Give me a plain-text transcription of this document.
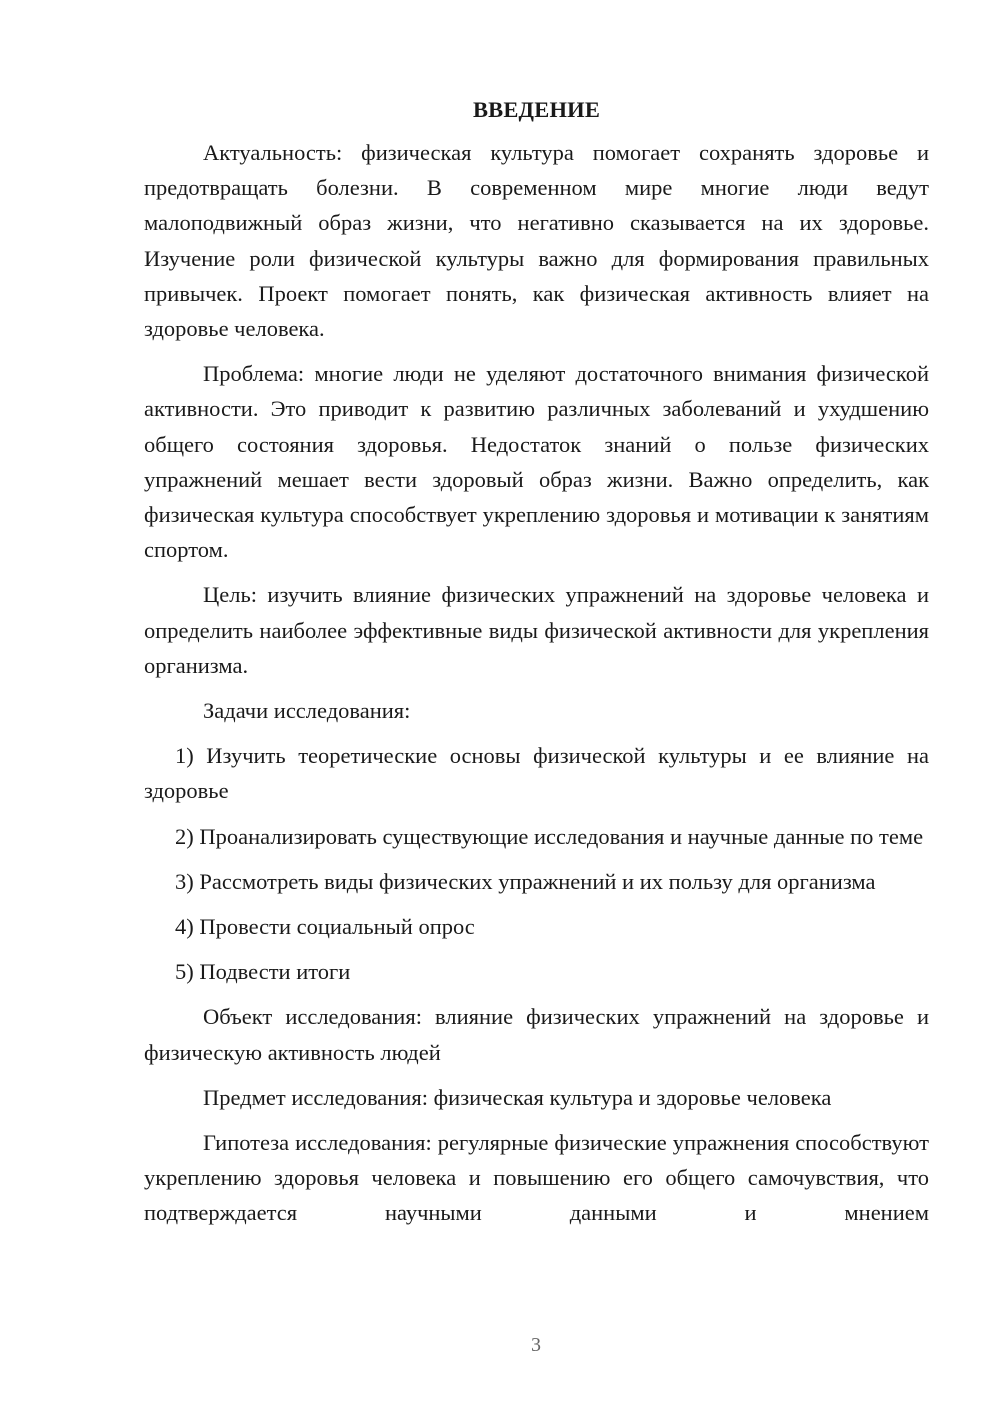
ВВЕДЕНИЕ

Актуальность: физическая культура помогает сохранять здоровье и предотвращать болезни. В современном мире многие люди ведут малоподвижный образ жизни, что негативно сказывается на их здоровье. Изучение роли физической культуры важно для формирования правильных привычек. Проект помогает понять, как физическая активность влияет на здоровье человека.

Проблема: многие люди не уделяют достаточного внимания физической активности. Это приводит к развитию различных заболеваний и ухудшению общего состояния здоровья. Недостаток знаний о пользе физических упражнений мешает вести здоровый образ жизни. Важно определить, как физическая культура способствует укреплению здоровья и мотивации к занятиям спортом.

Цель: изучить влияние физических упражнений на здоровье человека и определить наиболее эффективные виды физической активности для укрепления организма.

Задачи исследования:

1) Изучить теоретические основы физической культуры и ее влияние на здоровье

2) Проанализировать существующие исследования и научные данные по теме

3) Рассмотреть виды физических упражнений и их пользу для организма

4) Провести социальный опрос

5) Подвести итоги

Объект исследования: влияние физических упражнений на здоровье и физическую активность людей

Предмет исследования: физическая культура и здоровье человека

Гипотеза исследования: регулярные физические упражнения способствуют укреплению здоровья человека и повышению его общего самочувствия, что подтверждается научными данными и мнением

3
